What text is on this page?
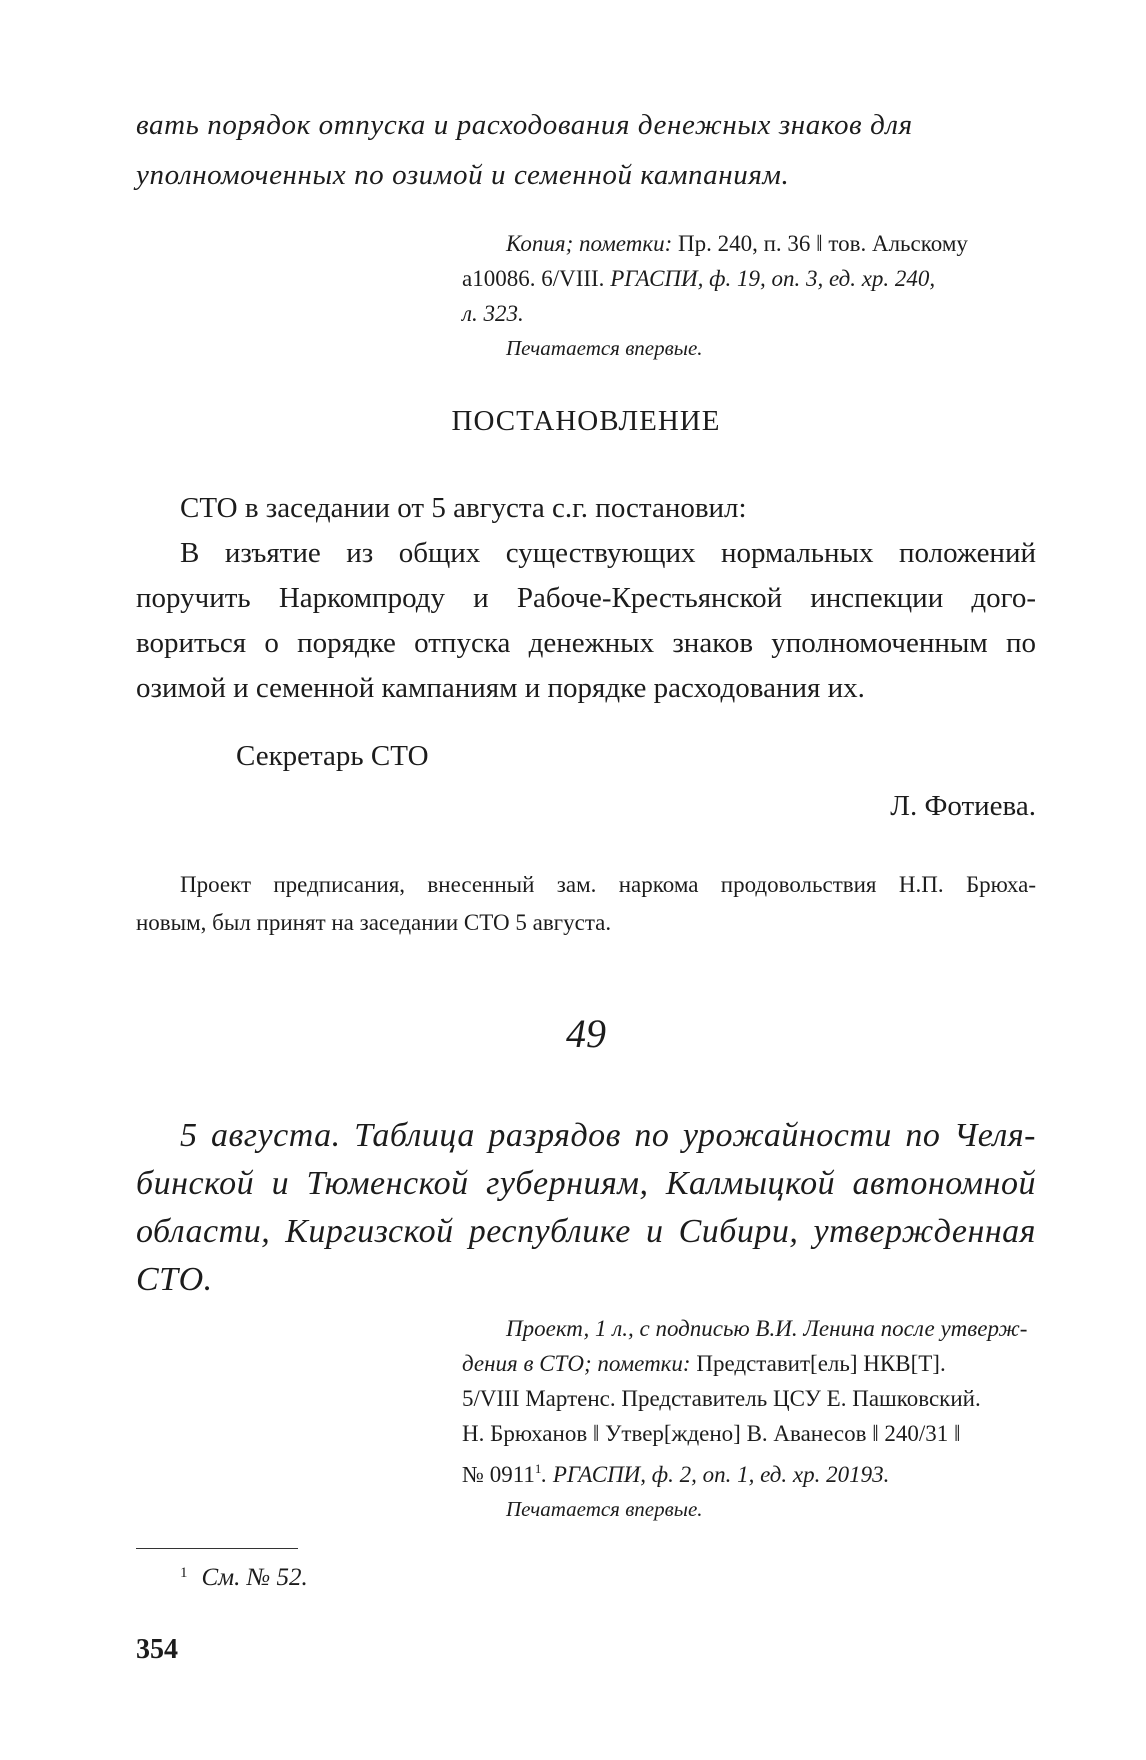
вать порядок отпуска и расходования денежных знаков для
уполномоченных по озимой и семенной кампаниям.
Копия; пометки: Пр. 240, п. 36 ‖ тов. Альскому
а10086. 6/VIII. РГАСПИ, ф. 19, оп. 3, ед. хр. 240,
л. 323.
Печатается впервые.
ПОСТАНОВЛЕНИЕ
СТО в заседании от 5 августа с.г. постановил:
В изъятие из общих существующих нормальных положений
поручить Наркомпроду и Рабоче-Крестьянской инспекции дого-
вориться о порядке отпуска денежных знаков уполномоченным по
озимой и семенной кампаниям и порядке расходования их.
Секретарь СТО
Л. Фотиева.
Проект предписания, внесенный зам. наркома продовольствия Н.П. Брюха-
новым, был принят на заседании СТО 5 августа.
49
5 августа. Таблица разрядов по урожайности по Челя-
бинской и Тюменской губерниям, Калмыцкой автономной
области, Киргизской республике и Сибири, утвержденная
СТО.
Проект, 1 л., с подписью В.И. Ленина после утверж-
дения в СТО; пометки: Представит[ель] НКВ[Т].
5/VIII Мартенс. Представитель ЦСУ Е. Пашковский.
Н. Брюханов ‖ Утвер[ждено] В. Аванесов ‖ 240/31 ‖
№ 0911$^1$. РГАСПИ, ф. 2, оп. 1, ед. хр. 20193.
Печатается впервые.
$^1$ См. № 52.
354
